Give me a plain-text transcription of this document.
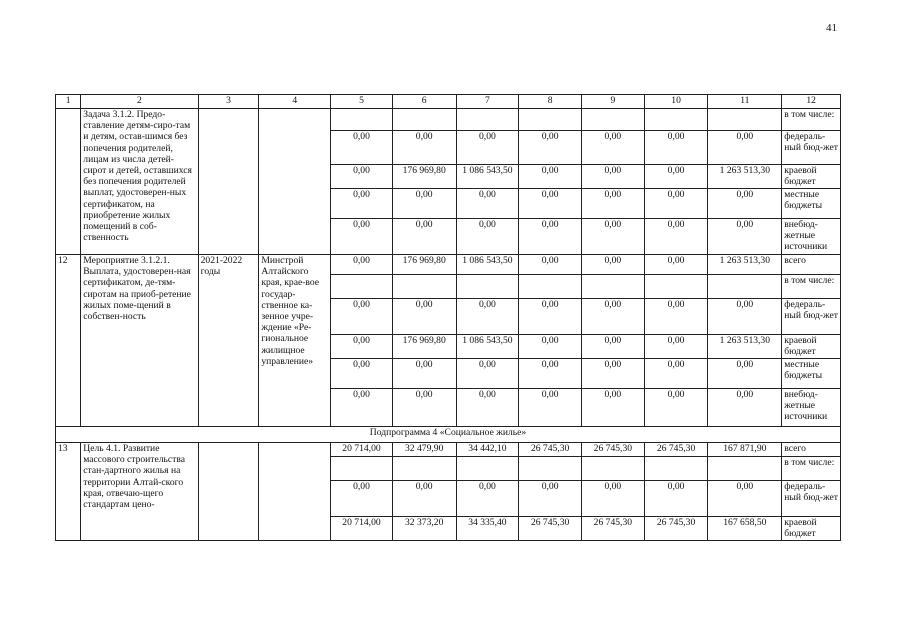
41
1	2	3	4	5	6	7	8	9	10	11	12
	Задача 3.1.2. Предо-ставление детям-сиро-там и детям, остав-шимся без попечения родителей, лицам из числа детей-сирот и детей, оставшихся без попечения родителей выплат, удостоверен-ных сертификатом, на приобретение жилых помещений в соб-ственность										в том числе:
				0,00	0,00	0,00	0,00	0,00	0,00	0,00	федераль-ный бюд-жет
				0,00	176 969,80	1 086 543,50	0,00	0,00	0,00	1 263 513,30	краевой бюджет
				0,00	0,00	0,00	0,00	0,00	0,00	0,00	местные бюджеты
				0,00	0,00	0,00	0,00	0,00	0,00	0,00	внебюд-жетные источники
12	Мероприятие 3.1.2.1. Выплата, удостоверен-ная сертификатом, де-тям-сиротам на приоб-ретение жилых поме-щений в собствен-ность	2021-2022 годы	Минстрой Алтайского края, крае-вое государ-ственное ка-зенное учре-ждение «Ре-гиональное жилищное управление»	0,00	176 969,80	1 086 543,50	0,00	0,00	0,00	1 263 513,30	всего
											в том числе:
				0,00	0,00	0,00	0,00	0,00	0,00	0,00	федераль-ный бюд-жет
				0,00	176 969,80	1 086 543,50	0,00	0,00	0,00	1 263 513,30	краевой бюджет
				0,00	0,00	0,00	0,00	0,00	0,00	0,00	местные бюджеты
				0,00	0,00	0,00	0,00	0,00	0,00	0,00	внебюд-жетные источники
Подпрограмма 4 «Социальное жилье»											
13	Цель 4.1. Развитие массового строительства стан-дартного жилья на территории Алтай-ского края, отвечаю-щего стандартам цено-			20 714,00	32 479,90	34 442,10	26 745,30	26 745,30	26 745,30	167 871,90	всего
											в том числе:
				0,00	0,00	0,00	0,00	0,00	0,00	0,00	федераль-ный бюд-жет
				20 714,00	32 373,20	34 335,40	26 745,30	26 745,30	26 745,30	167 658,50	краевой бюджет
